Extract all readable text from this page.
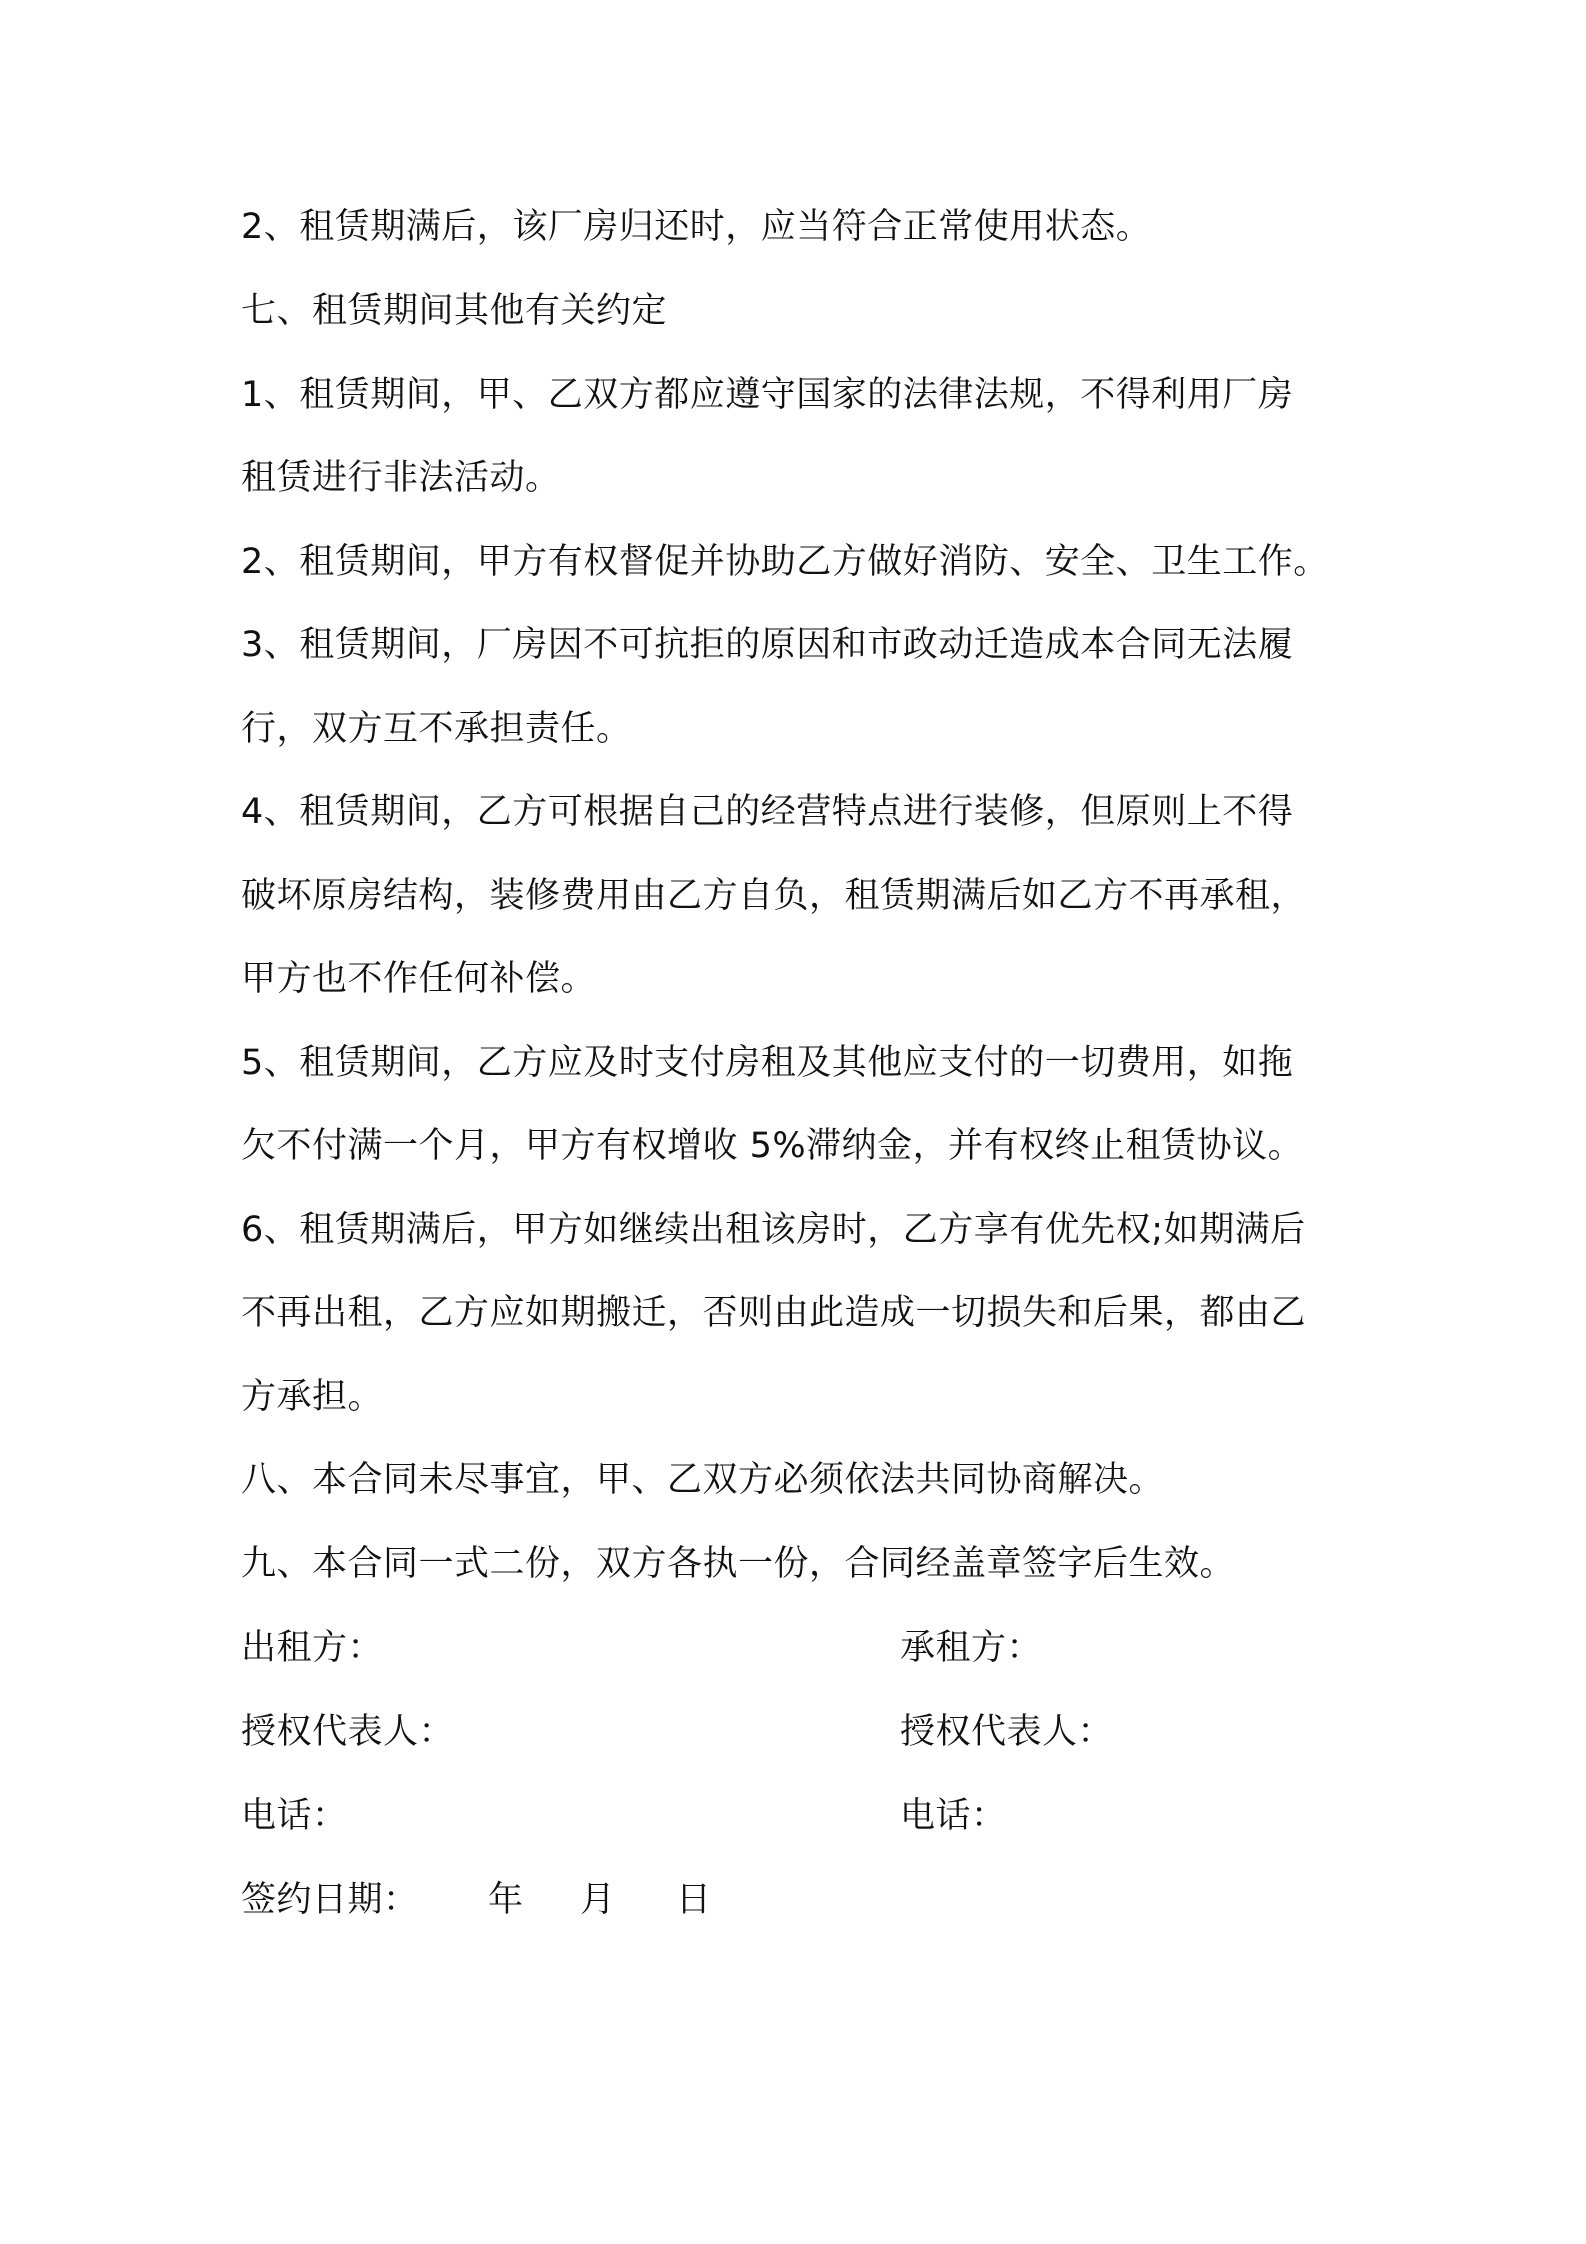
2、租赁期满后，该厂房归还时，应当符合正常使用状态。
七、租赁期间其他有关约定
1、租赁期间，甲、乙双方都应遵守国家的法律法规，不得利用厂房
租赁进行非法活动。
2、租赁期间，甲方有权督促并协助乙方做好消防、安全、卫生工作。
3、租赁期间，厂房因不可抗拒的原因和市政动迁造成本合同无法履
行，双方互不承担责任。
4、租赁期间，乙方可根据自己的经营特点进行装修，但原则上不得
破坏原房结构，装修费用由乙方自负，租赁期满后如乙方不再承租，
甲方也不作任何补偿。
5、租赁期间，乙方应及时支付房租及其他应支付的一切费用，如拖
欠不付满一个月，甲方有权增收 5%滞纳金，并有权终止租赁协议。
6、租赁期满后，甲方如继续出租该房时，乙方享有优先权;如期满后
不再出租，乙方应如期搬迁，否则由此造成一切损失和后果，都由乙
方承担。
八、本合同未尽事宜，甲、乙双方必须依法共同协商解决。
九、本合同一式二份，双方各执一份，合同经盖章签字后生效。
出租方：	承租方：
授权代表人：	授权代表人：
电话：	电话：
签约日期： 年 月 日
